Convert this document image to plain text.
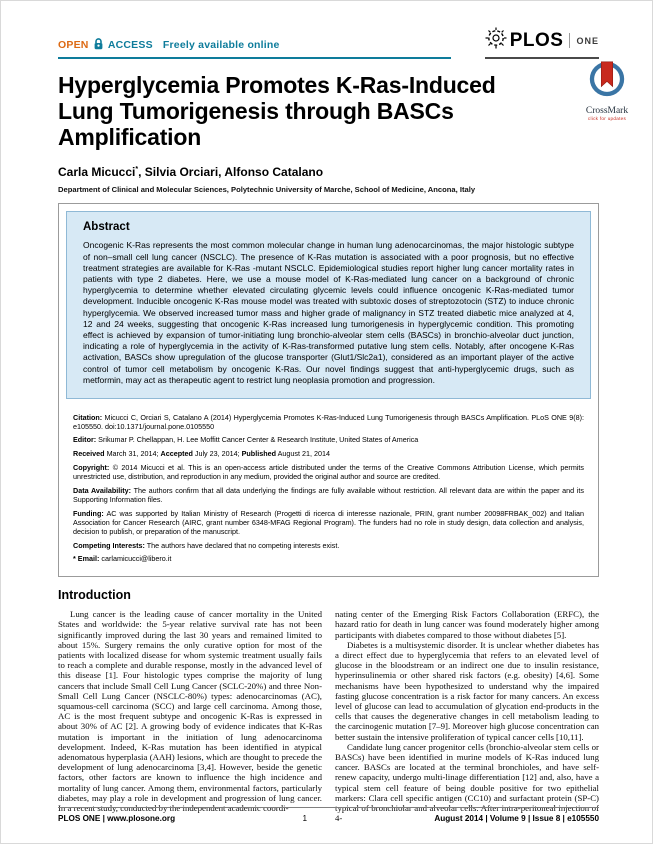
OPEN ACCESS Freely available online	PLOS ONE
Hyperglycemia Promotes K-Ras-Induced Lung Tumorigenesis through BASCs Amplification
CrossMark
click for updates
Carla Micucci*, Silvia Orciari, Alfonso Catalano
Department of Clinical and Molecular Sciences, Polytechnic University of Marche, School of Medicine, Ancona, Italy
Abstract

Oncogenic K-Ras represents the most common molecular change in human lung adenocarcinomas, the major histologic subtype of non–small cell lung cancer (NSCLC). The presence of K-Ras mutation is associated with a poor prognosis, but no effective treatment strategies are available for K-Ras -mutant NSCLC. Epidemiological studies report higher lung cancer mortality rates in patients with type 2 diabetes. Here, we use a mouse model of K-Ras-mediated lung cancer on a background of chronic hyperglycemia to determine whether elevated circulating glycemic levels could influence oncogenic K-Ras-mediated tumor development. Inducible oncogenic K-Ras mouse model was treated with subtoxic doses of streptozotocin (STZ) to induce chronic hyperglycemia. We observed increased tumor mass and higher grade of malignancy in STZ treated diabetic mice analyzed at 4, 12 and 24 weeks, suggesting that oncogenic K-Ras increased lung tumorigenesis in hyperglycemic condition. This promoting effect is achieved by expansion of tumor-initiating lung bronchio-alveolar stem cells (BASCs) in bronchio-alveolar duct junction, indicating a role of hyperglycemia in the activity of K-Ras-transformed putative lung stem cells. Notably, after oncogene K-Ras activation, BASCs show upregulation of the glucose transporter (Glut1/Slc2a1), considered as an important player of the active control of tumor cell metabolism by oncogenic K-Ras. Our novel findings suggest that anti-hyperglycemic drugs, such as metformin, may act as therapeutic agent to restrict lung neoplasia promotion and progression.

Citation: Micucci C, Orciari S, Catalano A (2014) Hyperglycemia Promotes K-Ras-Induced Lung Tumorigenesis through BASCs Amplification. PLoS ONE 9(8): e105550. doi:10.1371/journal.pone.0105550

Editor: Srikumar P. Chellappan, H. Lee Moffitt Cancer Center & Research Institute, United States of America

Received March 31, 2014; Accepted July 23, 2014; Published August 21, 2014

Copyright: © 2014 Micucci et al. This is an open-access article distributed under the terms of the Creative Commons Attribution License, which permits unrestricted use, distribution, and reproduction in any medium, provided the original author and source are credited.

Data Availability: The authors confirm that all data underlying the findings are fully available without restriction. All relevant data are within the paper and its Supporting Information files.

Funding: AC was supported by Italian Ministry of Research (Progetti di ricerca di interesse nazionale, PRIN, grant number 20098FRBAK_002) and Italian Association for Cancer Research (AIRC, grant number 6348-MFAG Regional Program). The funders had no role in study design, data collection and analysis, decision to publish, or preparation of the manuscript.

Competing Interests: The authors have declared that no competing interests exist.

* Email: carlamicucci@libero.it

Introduction

Lung cancer is the leading cause of cancer mortality in the United States and worldwide: the 5-year relative survival rate has not been significantly improved during the last 30 years and remained limited to about 15%. Surgery remains the only curative option for most of the patients with localized disease for whom systemic treatment usually fails to reach a complete and durable response, mostly in the advanced level of this disease [1]. Four histologic types comprise the majority of lung cancers that include Small Cell Lung Cancer (SCLC-20%) and three Non-Small Cell Lung Cancer (NSCLC-80%) types: adenocarcinomas (AC), squamous-cell carcinoma (SCC) and large cell carcinoma. Among those, AC is the most frequent subtype and oncogenic K-Ras is expressed in about 30% of AC [2]. A growing body of evidence indicates that K-Ras mutation is important in the initiation of lung adenocarcinoma development. Indeed, K-Ras mutation has been identified in atypical adenomatous hyperplasia (AAH) lesions, which are thought to precede the development of lung adenocarcinoma [3,4]. However, beside the genetic factors, other factors are known to influence the high incidence and mortality of lung cancer. Among them, environmental factors, particularly diabetes, may play a role in development and progression of lung cancer. In a recent study, conducted by the independent academic coordi-

nating center of the Emerging Risk Factors Collaboration (ERFC), the hazard ratio for death in lung cancer was found moderately higher among participants with diabetes compared to those without diabetes [5].

Diabetes is a multisystemic disorder. It is unclear whether diabetes has a direct effect due to hyperglycemia that refers to an elevated level of glucose in the bloodstream or an indirect one due to insulin resistance, hyperinsulinemia or other shared risk factors (e.g. obesity) [4,6]. Some mechanisms have been hypothesized to understand why the impaired fasting glucose concentration is a risk factor for many cancers. An excess level of glucose can lead to accumulation of glycation end-products in the cells that causes the degenerative changes in cell metabolism leading to the carcinogenic mutation [7–9]. Moreover high glucose concentration can better sustain the intensive proliferation of typical cancer cells [10,11].

Candidate lung cancer progenitor cells (bronchio-alveolar stem cells or BASCs) have been identified in murine models of K-Ras induced lung cancer. BASCs are located at the terminal bronchioles, and have self-renew capacity, undergo multi-linage differentiation [12] and, also, have a typical stem cell feature of being double positive for two epithelial markers: Clara cell specific antigen (CC10) and surfactant protein (SP-C) typical of bronchiolar and alveolar cells. After intra-peritoneal injection of 4-

PLOS ONE | www.plosone.org	1	August 2014 | Volume 9 | Issue 8 | e105550
